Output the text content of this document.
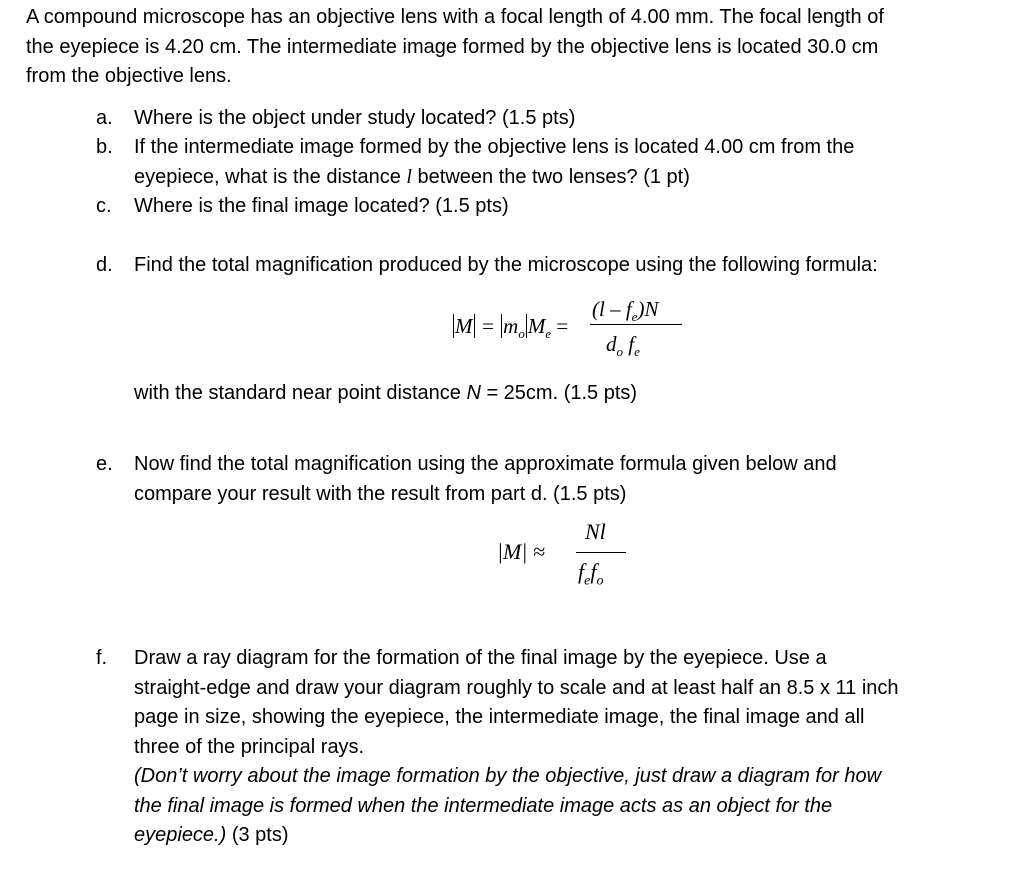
A compound microscope has an objective lens with a focal length of 4.00 mm. The focal length of
the eyepiece is 4.20 cm. The intermediate image formed by the objective lens is located 30.0 cm
from the objective lens.
a.	Where is the object under study located? (1.5 pts)
b.	If the intermediate image formed by the objective lens is located 4.00 cm from the
eyepiece, what is the distance l between the two lenses? (1 pt)
c.	Where is the final image located? (1.5 pts)
d.	Find the total magnification produced by the microscope using the following formula:
$M = m_o$ $M_e$ =
$(l - f_e)N$
$d_o$ $f_e$
with the standard near point distance N = 25cm. (1.5 pts)
e.	Now find the total magnification using the approximate formula given below and
compare your result with the result from part d. (1.5 pts)
|M| ≈
Nl
$f_ef_o$
f.	Draw a ray diagram for the formation of the final image by the eyepiece. Use a
straight-edge and draw your diagram roughly to scale and at least half an 8.5 x 11 inch
page in size, showing the eyepiece, the intermediate image, the final image and all
three of the principal rays.
(Don’t worry about the image formation by the objective, just draw a diagram for how
the final image is formed when the intermediate image acts as an object for the
eyepiece.) (3 pts)
